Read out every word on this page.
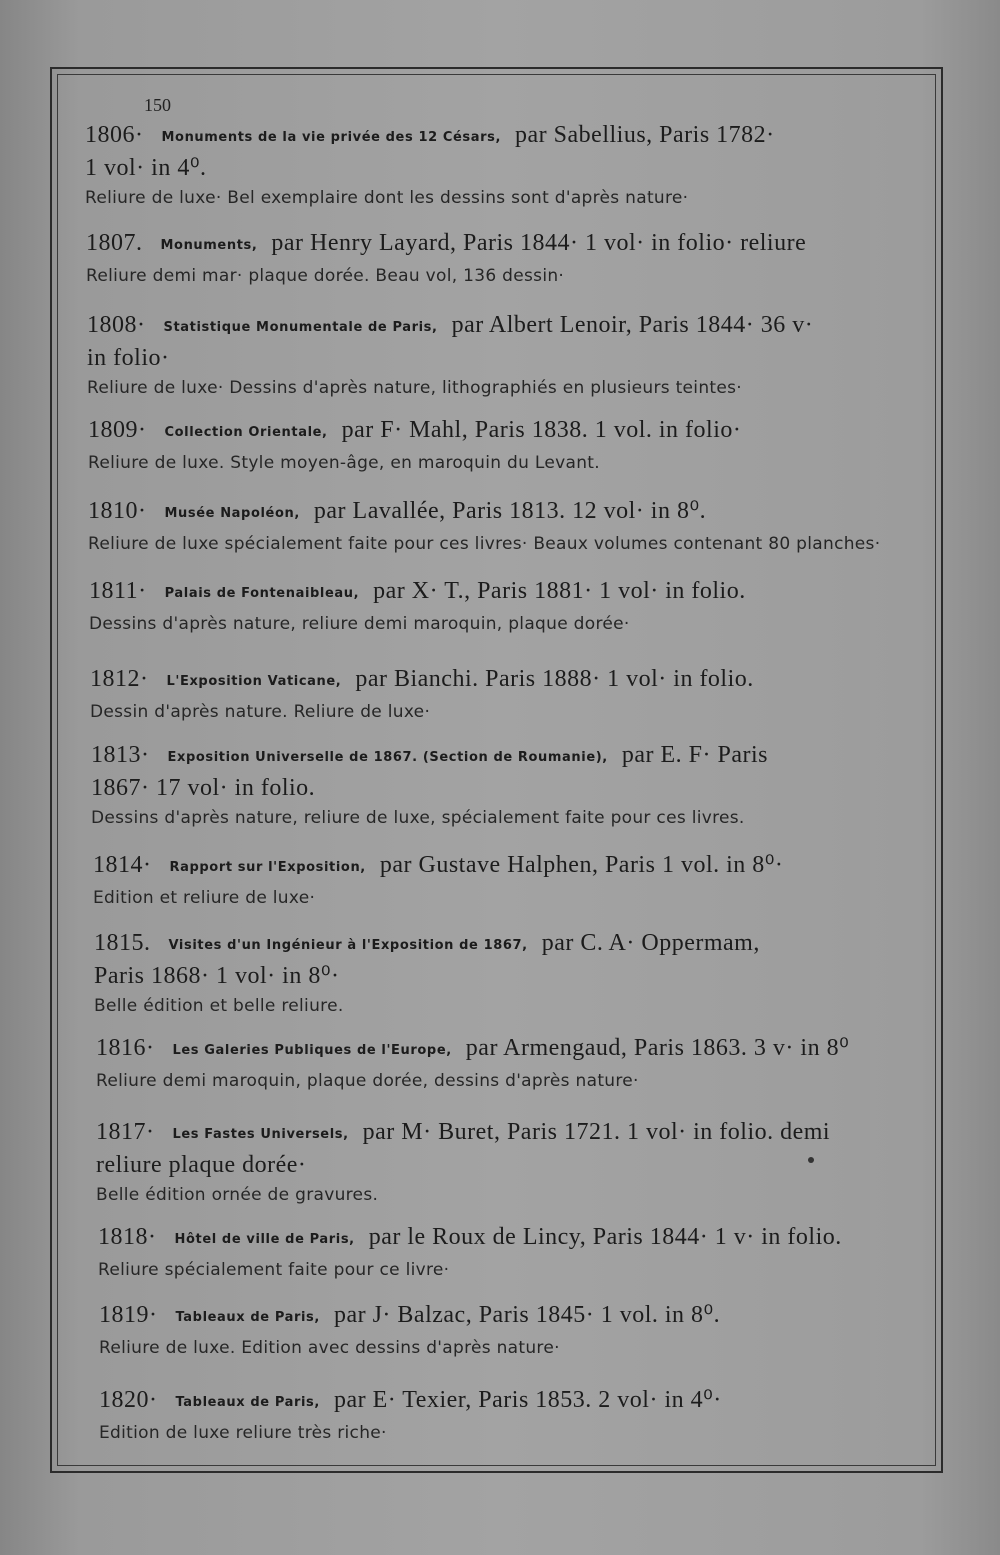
150
1806· Monuments de la vie privée des 12 Césars, par Sabellius, Paris 1782·
1 vol· in 4⁰.
Reliure de luxe· Bel exemplaire dont les dessins sont d'après nature·
1807. Monuments, par Henry Layard, Paris 1844· 1 vol· in folio· reliure
Reliure demi mar· plaque dorée. Beau vol, 136 dessin·
1808· Statistique Monumentale de Paris, par Albert Lenoir, Paris 1844· 36 v·
in folio·
Reliure de luxe· Dessins d'après nature, lithographiés en plusieurs teintes·
1809· Collection Orientale, par F· Mahl, Paris 1838. 1 vol. in folio·
Reliure de luxe. Style moyen-âge, en maroquin du Levant.
1810· Musée Napoléon, par Lavallée, Paris 1813. 12 vol· in 8⁰.
Reliure de luxe spécialement faite pour ces livres· Beaux volumes contenant 80 planches·
1811· Palais de Fontenaibleau, par X· T., Paris 1881· 1 vol· in folio.
Dessins d'après nature, reliure demi maroquin, plaque dorée·
1812· L'Exposition Vaticane, par Bianchi. Paris 1888· 1 vol· in folio.
Dessin d'après nature. Reliure de luxe·
1813· Exposition Universelle de 1867. (Section de Roumanie), par E. F· Paris
1867· 17 vol· in folio.
Dessins d'après nature, reliure de luxe, spécialement faite pour ces livres.
1814· Rapport sur l'Exposition, par Gustave Halphen, Paris 1 vol. in 8⁰·
Edition et reliure de luxe·
1815. Visites d'un Ingénieur à l'Exposition de 1867, par C. A· Oppermam,
Paris 1868· 1 vol· in 8⁰·
Belle édition et belle reliure.
1816· Les Galeries Publiques de l'Europe, par Armengaud, Paris 1863. 3 v· in 8⁰
Reliure demi maroquin, plaque dorée, dessins d'après nature·
1817· Les Fastes Universels, par M· Buret, Paris 1721. 1 vol· in folio. demi
reliure plaque dorée·
Belle édition ornée de gravures.
1818· Hôtel de ville de Paris, par le Roux de Lincy, Paris 1844· 1 v· in folio.
Reliure spécialement faite pour ce livre·
1819· Tableaux de Paris, par J· Balzac, Paris 1845· 1 vol. in 8⁰.
Reliure de luxe. Edition avec dessins d'après nature·
1820· Tableaux de Paris, par E· Texier, Paris 1853. 2 vol· in 4⁰·
Edition de luxe reliure très riche·
